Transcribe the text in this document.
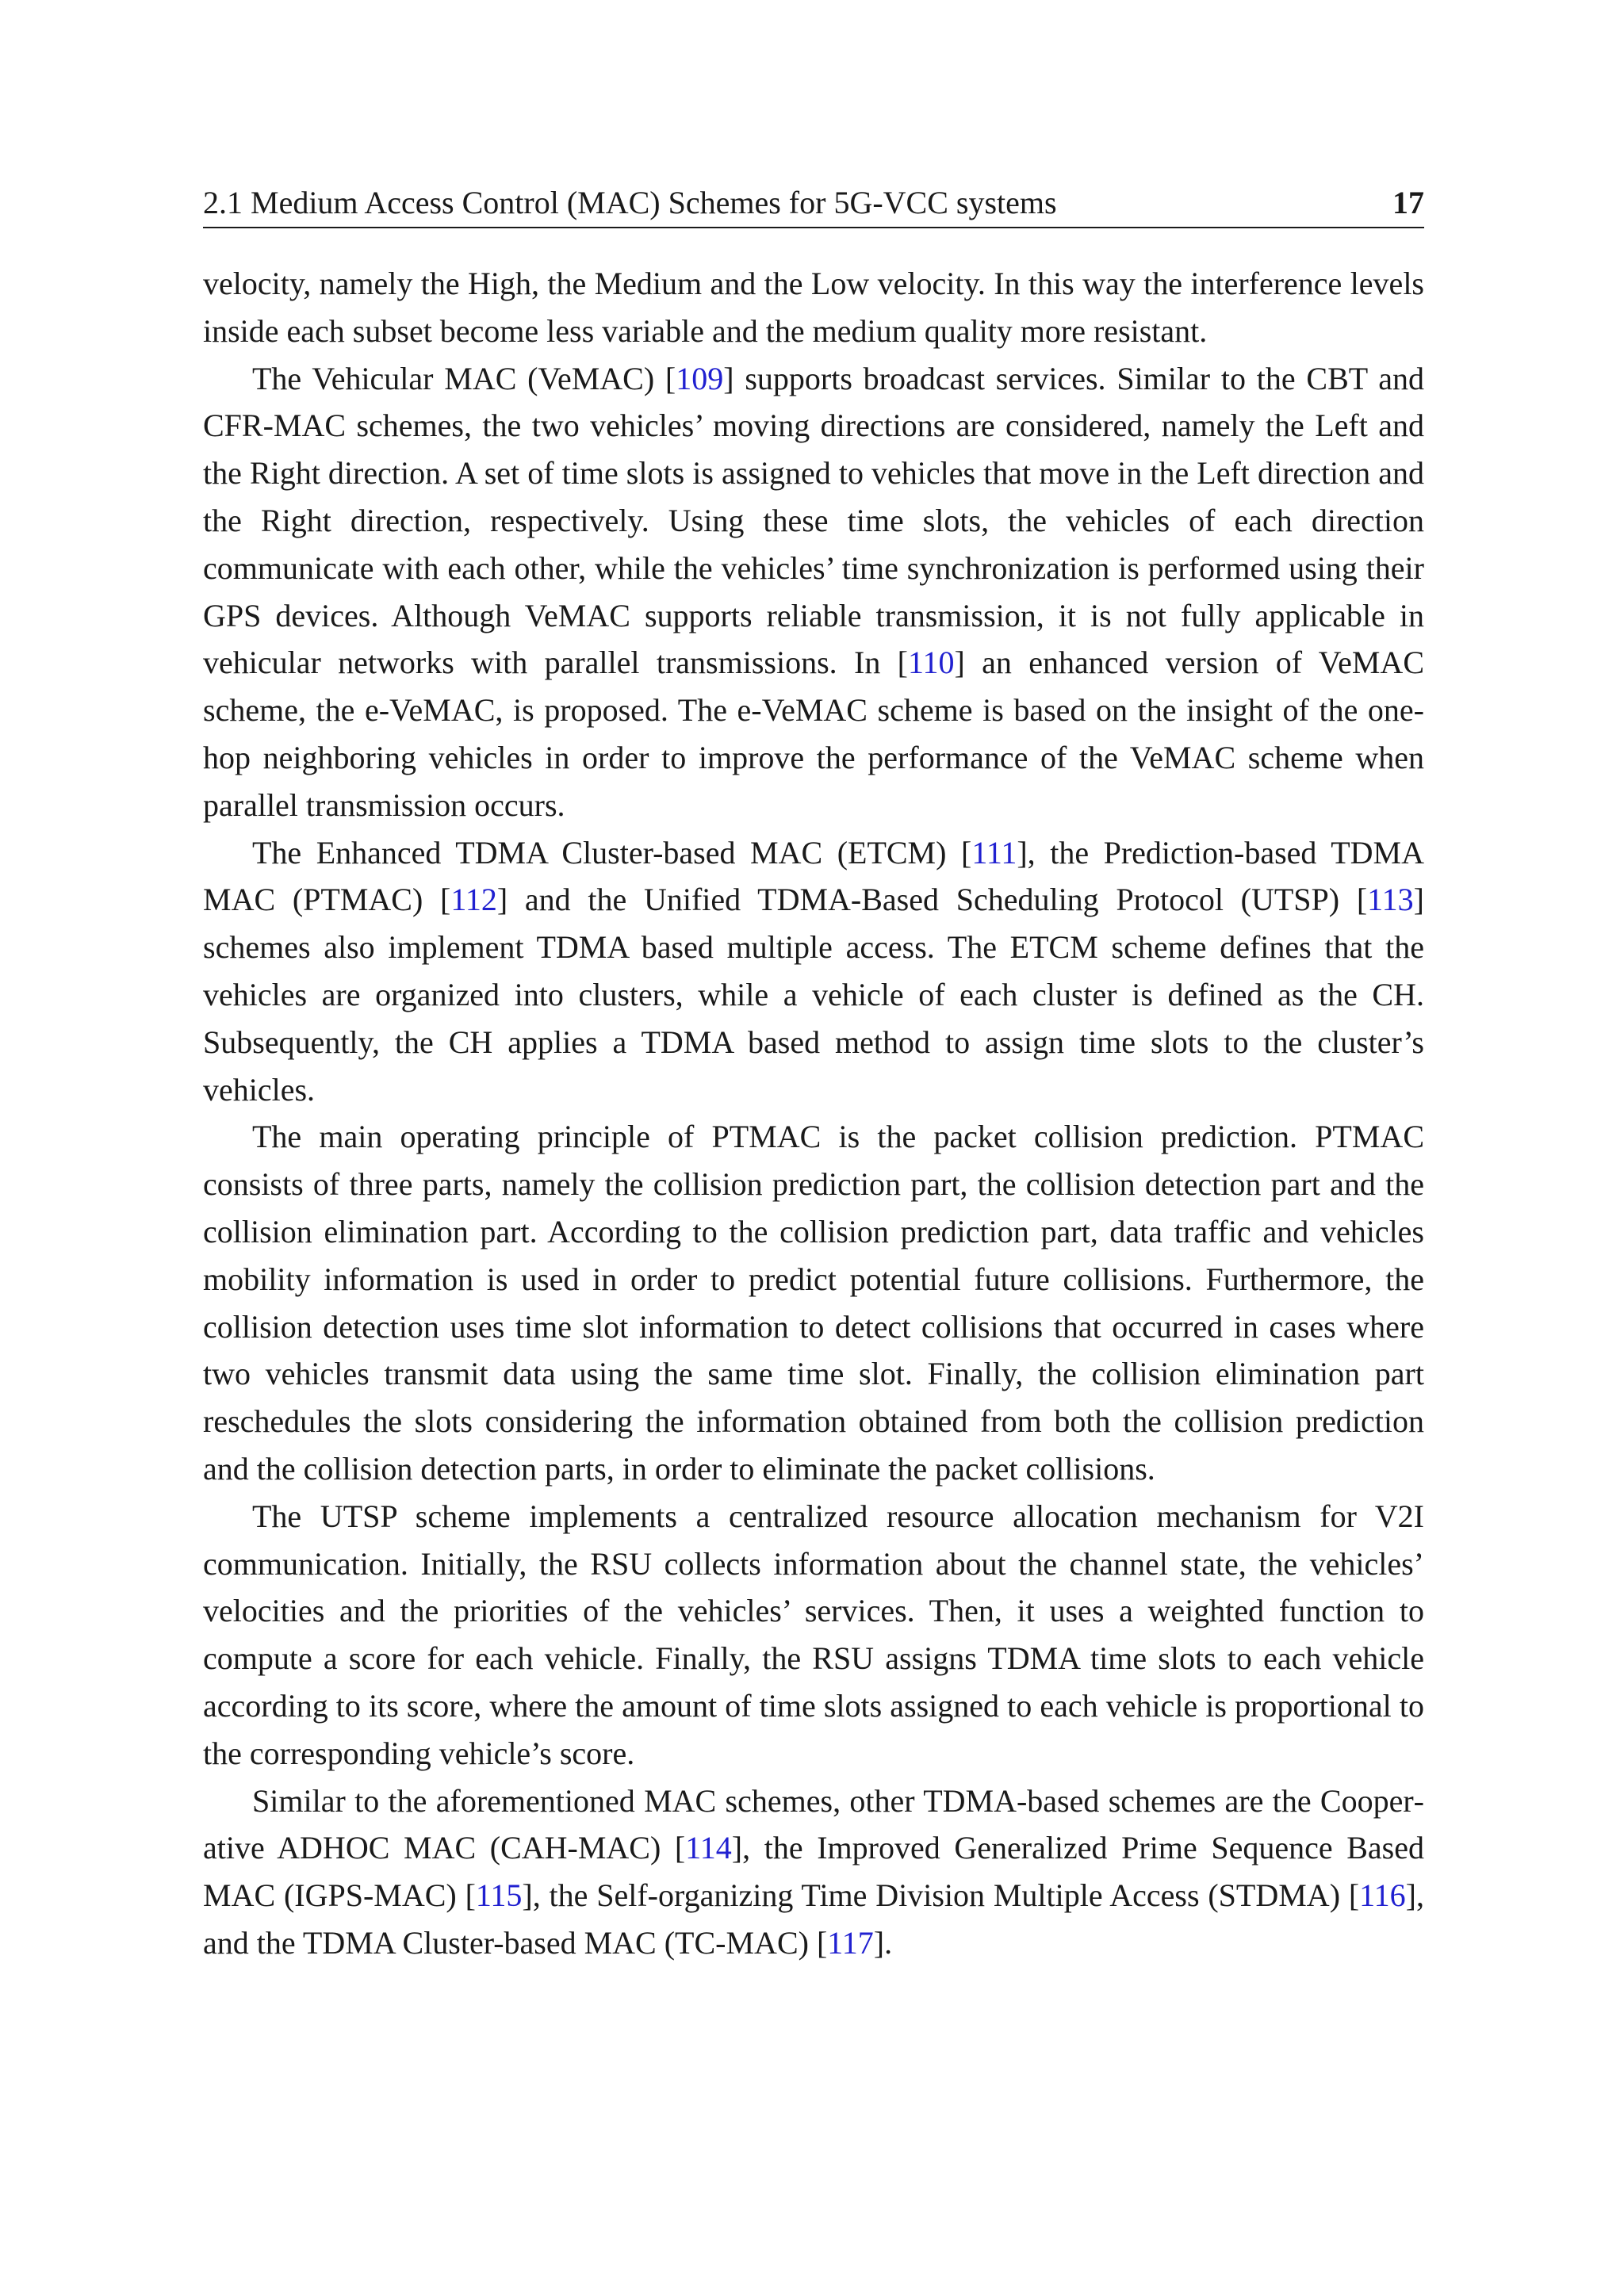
2.1 Medium Access Control (MAC) Schemes for 5G-VCC systems	17

velocity, namely the High, the Medium and the Low velocity. In this way the interference levels inside each subset become less variable and the medium quality more resistant.

The Vehicular MAC (VeMAC) [109] supports broadcast services. Similar to the CBT and CFR-MAC schemes, the two vehicles’ moving directions are considered, namely the Left and the Right direction. A set of time slots is assigned to vehicles that move in the Left direction and the Right direction, respectively. Using these time slots, the vehicles of each direction communicate with each other, while the vehicles’ time synchronization is performed using their GPS devices. Although VeMAC supports reliable transmission, it is not fully applicable in vehicular networks with parallel transmissions. In [110] an enhanced version of VeMAC scheme, the e-VeMAC, is proposed. The e-VeMAC scheme is based on the insight of the one-hop neighboring vehicles in order to improve the performance of the VeMAC scheme when parallel transmission occurs.

The Enhanced TDMA Cluster-based MAC (ETCM) [111], the Prediction-based TDMA MAC (PTMAC) [112] and the Unified TDMA-Based Scheduling Protocol (UTSP) [113] schemes also implement TDMA based multiple access. The ETCM scheme defines that the vehicles are organized into clusters, while a vehicle of each cluster is defined as the CH. Subsequently, the CH applies a TDMA based method to assign time slots to the cluster’s vehicles.

The main operating principle of PTMAC is the packet collision prediction. PTMAC consists of three parts, namely the collision prediction part, the collision detection part and the collision elimination part. According to the collision prediction part, data traffic and vehicles mobility information is used in order to predict potential future collisions. Furthermore, the collision detection uses time slot information to detect collisions that occurred in cases where two vehicles transmit data using the same time slot. Finally, the collision elimination part reschedules the slots considering the information obtained from both the collision prediction and the collision detection parts, in order to eliminate the packet collisions.

The UTSP scheme implements a centralized resource allocation mechanism for V2I communication. Initially, the RSU collects information about the channel state, the vehicles’ velocities and the priorities of the vehicles’ services. Then, it uses a weighted function to compute a score for each vehicle. Finally, the RSU assigns TDMA time slots to each vehicle according to its score, where the amount of time slots assigned to each vehicle is proportional to the corresponding vehicle’s score.

Similar to the aforementioned MAC schemes, other TDMA-based schemes are the Cooperative ADHOC MAC (CAH-MAC) [114], the Improved Generalized Prime Sequence Based MAC (IGPS-MAC) [115], the Self-organizing Time Division Multiple Access (STDMA) [116], and the TDMA Cluster-based MAC (TC-MAC) [117].
